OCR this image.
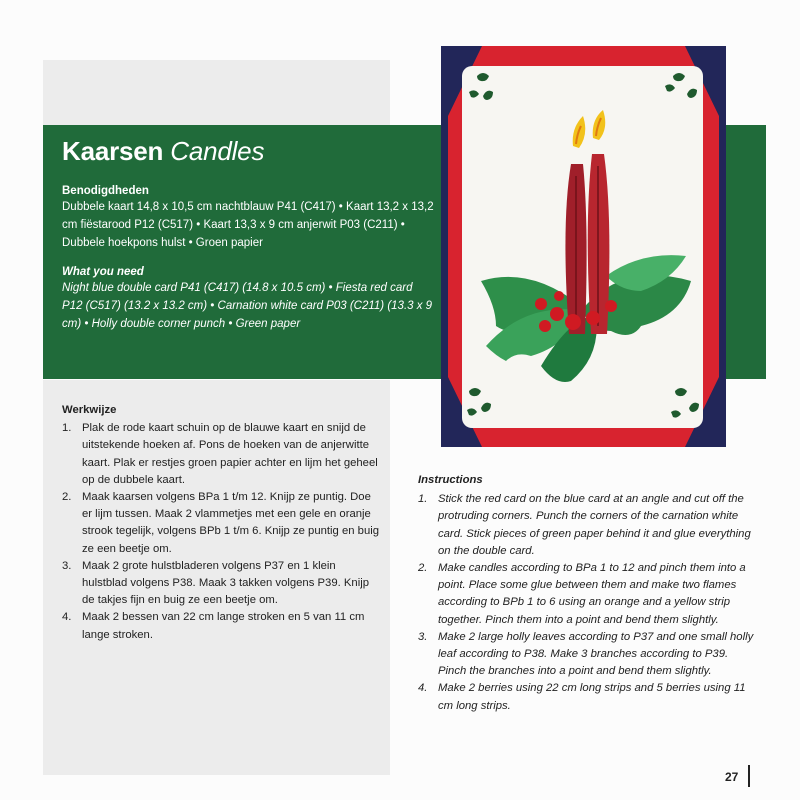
Kaarsen Candles
Benodigdheden

Dubbele kaart 14,8 x 10,5 cm nachtblauw P41 (C417) • Kaart 13,2 x 13,2 cm fiëstarood P12 (C517) • Kaart 13,3 x 9 cm anjerwit P03 (C211) • Dubbele hoekpons hulst • Groen papier

What you need

Night blue double card P41 (C417) (14.8 x 10.5 cm) • Fiesta red card P12 (C517) (13.2 x 13.2 cm) • Carnation white card P03 (C211) (13.3 x 9 cm) • Holly double corner punch • Green paper

Werkwijze
1. Plak de rode kaart schuin op de blauwe kaart en snijd de uitstekende hoeken af. Pons de hoeken van de anjerwitte kaart. Plak er restjes groen papier achter en lijm het geheel op de dubbele kaart.
2. Maak kaarsen volgens BPa 1 t/m 12. Knijp ze puntig. Doe er lijm tussen. Maak 2 vlammetjes met een gele en oranje strook tegelijk, volgens BPb 1 t/m 6. Knijp ze puntig en buig ze een beetje om.
3. Maak 2 grote hulstbladeren volgens P37 en 1 klein hulstblad volgens P38. Maak 3 takken volgens P39. Knijp de takjes fijn en buig ze een beetje om.
4. Maak 2 bessen van 22 cm lange stroken en 5 van 11 cm lange stroken.
Instructions
1. Stick the red card on the blue card at an angle and cut off the protruding corners. Punch the corners of the carnation white card. Stick pieces of green paper behind it and glue everything on the double card.
2. Make candles according to BPa 1 to 12 and pinch them into a point. Place some glue between them and make two flames according to BPb 1 to 6 using an orange and a yellow strip together. Pinch them into a point and bend them slightly.
3. Make 2 large holly leaves according to P37 and one small holly leaf according to P38. Make 3 branches according to P39. Pinch the branches into a point and bend them slightly.
4. Make 2 berries using 22 cm long strips and 5 berries using 11 cm long strips.
27
